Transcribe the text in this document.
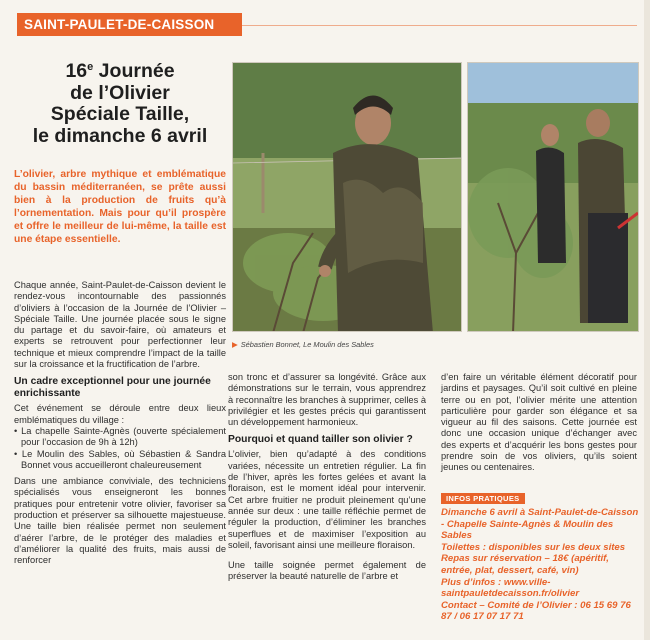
SAINT-PAULET-DE-CAISSON
16e Journée
de l’Olivier
Spéciale Taille,
le dimanche 6 avril
L’olivier, arbre mythique et emblématique du bassin méditerranéen, se prête aussi bien à la production de fruits qu’à l’ornementation. Mais pour qu’il prospère et offre le meilleur de lui-même, la taille est une étape essentielle.
▶ Sébastien Bonnet, Le Moulin des Sables

Chaque année, Saint-Paulet-de-Caisson devient le rendez-vous incontournable des passionnés d’oliviers à l’occasion de la Journée de l’Olivier – Spéciale Taille. Une journée placée sous le signe du partage et du savoir-faire, où amateurs et experts se retrouvent pour perfectionner leur technique et mieux comprendre l’impact de la taille sur la croissance et la fructification de l’arbre.

Un cadre exceptionnel pour une journée enrichissante

Cet événement se déroule entre deux lieux emblématiques du village :

• La chapelle Sainte-Agnès (ouverte spécialement pour l’occasion de 9h à 12h)
• Le Moulin des Sables, où Sébastien & Sandra Bonnet vous accueilleront chaleureusement

Dans une ambiance conviviale, des techniciens spécialisés vous enseigneront les bonnes pratiques pour entretenir votre olivier, favoriser sa production et préserver sa silhouette majestueuse. Une taille bien réalisée permet non seulement d’aérer l’arbre, de le protéger des maladies et d’améliorer la qualité des fruits, mais aussi de renforcer

son tronc et d’assurer sa longévité. Grâce aux démonstrations sur le terrain, vous apprendrez à reconnaître les branches à supprimer, celles à privilégier et les gestes précis qui garantissent un développement harmonieux.

Pourquoi et quand tailler son olivier ?

L’olivier, bien qu’adapté à des conditions variées, nécessite un entretien régulier. La fin de l’hiver, après les fortes gelées et avant la floraison, est le moment idéal pour intervenir. Cet arbre fruitier ne produit pleinement qu’une année sur deux : une taille réfléchie permet de réguler la production, d’éliminer les branches superflues et de maximiser l’exposition au soleil, favorisant ainsi une meilleure floraison.

Une taille soignée permet également de préserver la beauté naturelle de l’arbre et

d’en faire un véritable élément décoratif pour jardins et paysages. Qu’il soit cultivé en pleine terre ou en pot, l’olivier mérite une attention particulière pour garder son élégance et sa vigueur au fil des saisons. Cette journée est donc une occasion unique d’échanger avec des experts et d’acquérir les bons gestes pour prendre soin de vos oliviers, qu’ils soient jeunes ou centenaires.

INFOS PRATIQUES
Dimanche 6 avril à Saint-Paulet-de-Caisson - Chapelle Sainte-Agnès & Moulin des Sables
Toilettes : disponibles sur les deux sites
Repas sur réservation – 18€ (apéritif, entrée, plat, dessert, café, vin)
Plus d’infos : www.ville-saintpauletdecaisson.fr/olivier
Contact – Comité de l’Olivier : 06 15 69 76 87 / 06 17 07 17 71
